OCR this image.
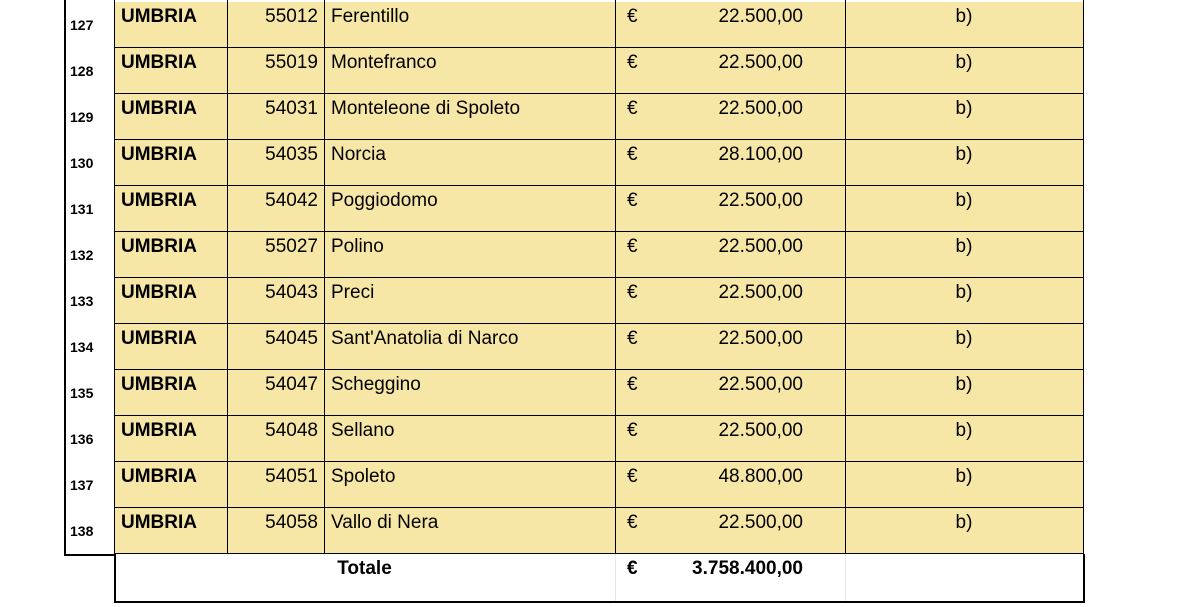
127	UMBRIA	55012 Ferentillo	€	22.500,00	b)
128	UMBRIA	55019 Montefranco	€	22.500,00	b)
129	UMBRIA	54031 Monteleone di Spoleto	€	22.500,00	b)
130	UMBRIA	54035 Norcia	€	28.100,00	b)
131	UMBRIA	54042 Poggiodomo	€	22.500,00	b)
132	UMBRIA	55027 Polino	€	22.500,00	b)
133	UMBRIA	54043 Preci	€	22.500,00	b)
134	UMBRIA	54045 Sant'Anatolia di Narco	€	22.500,00	b)
135	UMBRIA	54047 Scheggino	€	22.500,00	b)
136	UMBRIA	54048 Sellano	€	22.500,00	b)
137	UMBRIA	54051 Spoleto	€	48.800,00	b)
138	UMBRIA	54058 Vallo di Nera	€	22.500,00	b)
Totale	€	3.758.400,00
